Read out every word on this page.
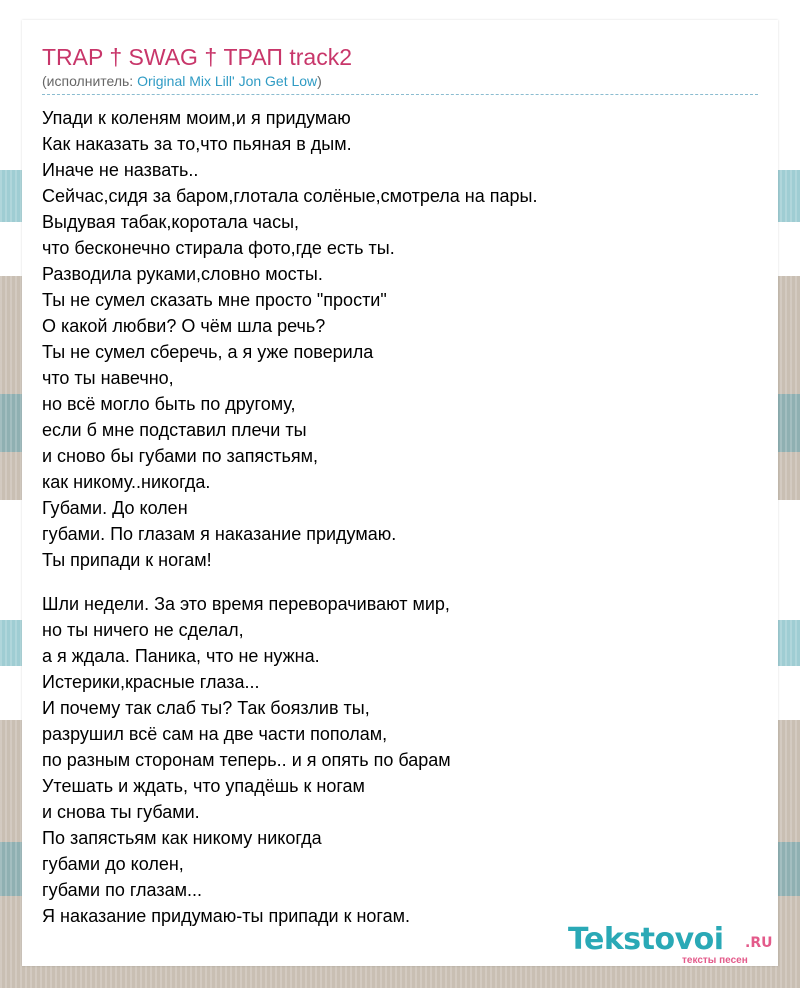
TRAP † SWAG † ТРАП track2
(исполнитель: Original Mix Lill' Jon Get Low)
Упади к коленям моим,и я придумаю
Как наказать за то,что пьяная в дым.
Иначе не назвать..
Сейчас,сидя за баром,глотала солёные,смотрела на пары.
Выдувая табак,коротала часы,
что бесконечно стирала фото,где есть ты.
Разводила руками,словно мосты.
Ты не сумел сказать мне просто "прости"
О какой любви? О чём шла речь?
Ты не сумел сберечь, а я уже поверила
что ты навечно,
но всё могло быть по другому,
если б мне подставил плечи ты
и сново бы губами по запястьям,
как никому..никогда.
Губами. До колен
губами. По глазам я наказание придумаю.
Ты припади к ногам!
Шли недели. За это время переворачивают мир,
но ты ничего не сделал,
а я ждала. Паника, что не нужна.
Истерики,красные глаза...
И почему так слаб ты? Так боязлив ты,
разрушил всё сам на две части пополам,
по разным сторонам теперь.. и я опять по барам
Утешать и ждать, что упадёшь к ногам
и снова ты губами.
По запястьям как никому никогда
губами до колен,
губами по глазам...
Я наказание придумаю-ты припади к ногам.
Tekstovoi .RU
тексты песен
